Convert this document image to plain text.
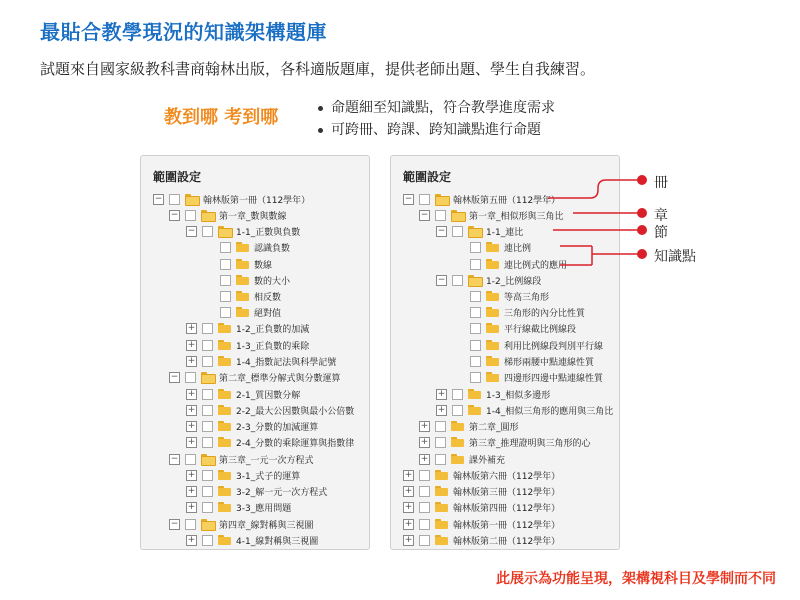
最貼合教學現況的知識架構題庫
試題來自國家級教科書商翰林出版，各科適版題庫，提供老師出題、學生自我練習。
教到哪 考到哪	命題細至知識點，符合教學進度需求
可跨冊、跨課、跨知識點進行命題
範圍設定
−	翰林版第一冊（112學年）
−	第一章_數與數線
−	1-1_正數與負數
認識負數
數線
數的大小
相反數
絕對值
+	1-2_正負數的加減
+	1-3_正負數的乘除
+	1-4_指數記法與科學記號
−	第二章_標準分解式與分數運算
+	2-1_質因數分解
+	2-2_最大公因數與最小公倍數
+	2-3_分數的加減運算
+	2-4_分數的乘除運算與指數律
−	第三章_一元一次方程式
+	3-1_式子的運算
+	3-2_解一元一次方程式
+	3-3_應用問題
−	第四章_線對稱與三視圖
+	4-1_線對稱與三視圖
範圍設定
−	翰林版第五冊（112學年）
−	第一章_相似形與三角比
−	1-1_連比
連比例
連比例式的應用
−	1-2_比例線段
等高三角形
三角形的內分比性質
平行線截比例線段
利用比例線段判別平行線
梯形兩腰中點連線性質
四邊形四邊中點連線性質
+	1-3_相似多邊形
+	1-4_相似三角形的應用與三角比
+	第二章_圓形
+	第三章_推理證明與三角形的心
+	課外補充
+	翰林版第六冊（112學年）
+	翰林版第三冊（112學年）
+	翰林版第四冊（112學年）
+	翰林版第一冊（112學年）
+	翰林版第二冊（112學年）
冊
章
節
知識點
此展示為功能呈現，架構視科目及學制而不同
